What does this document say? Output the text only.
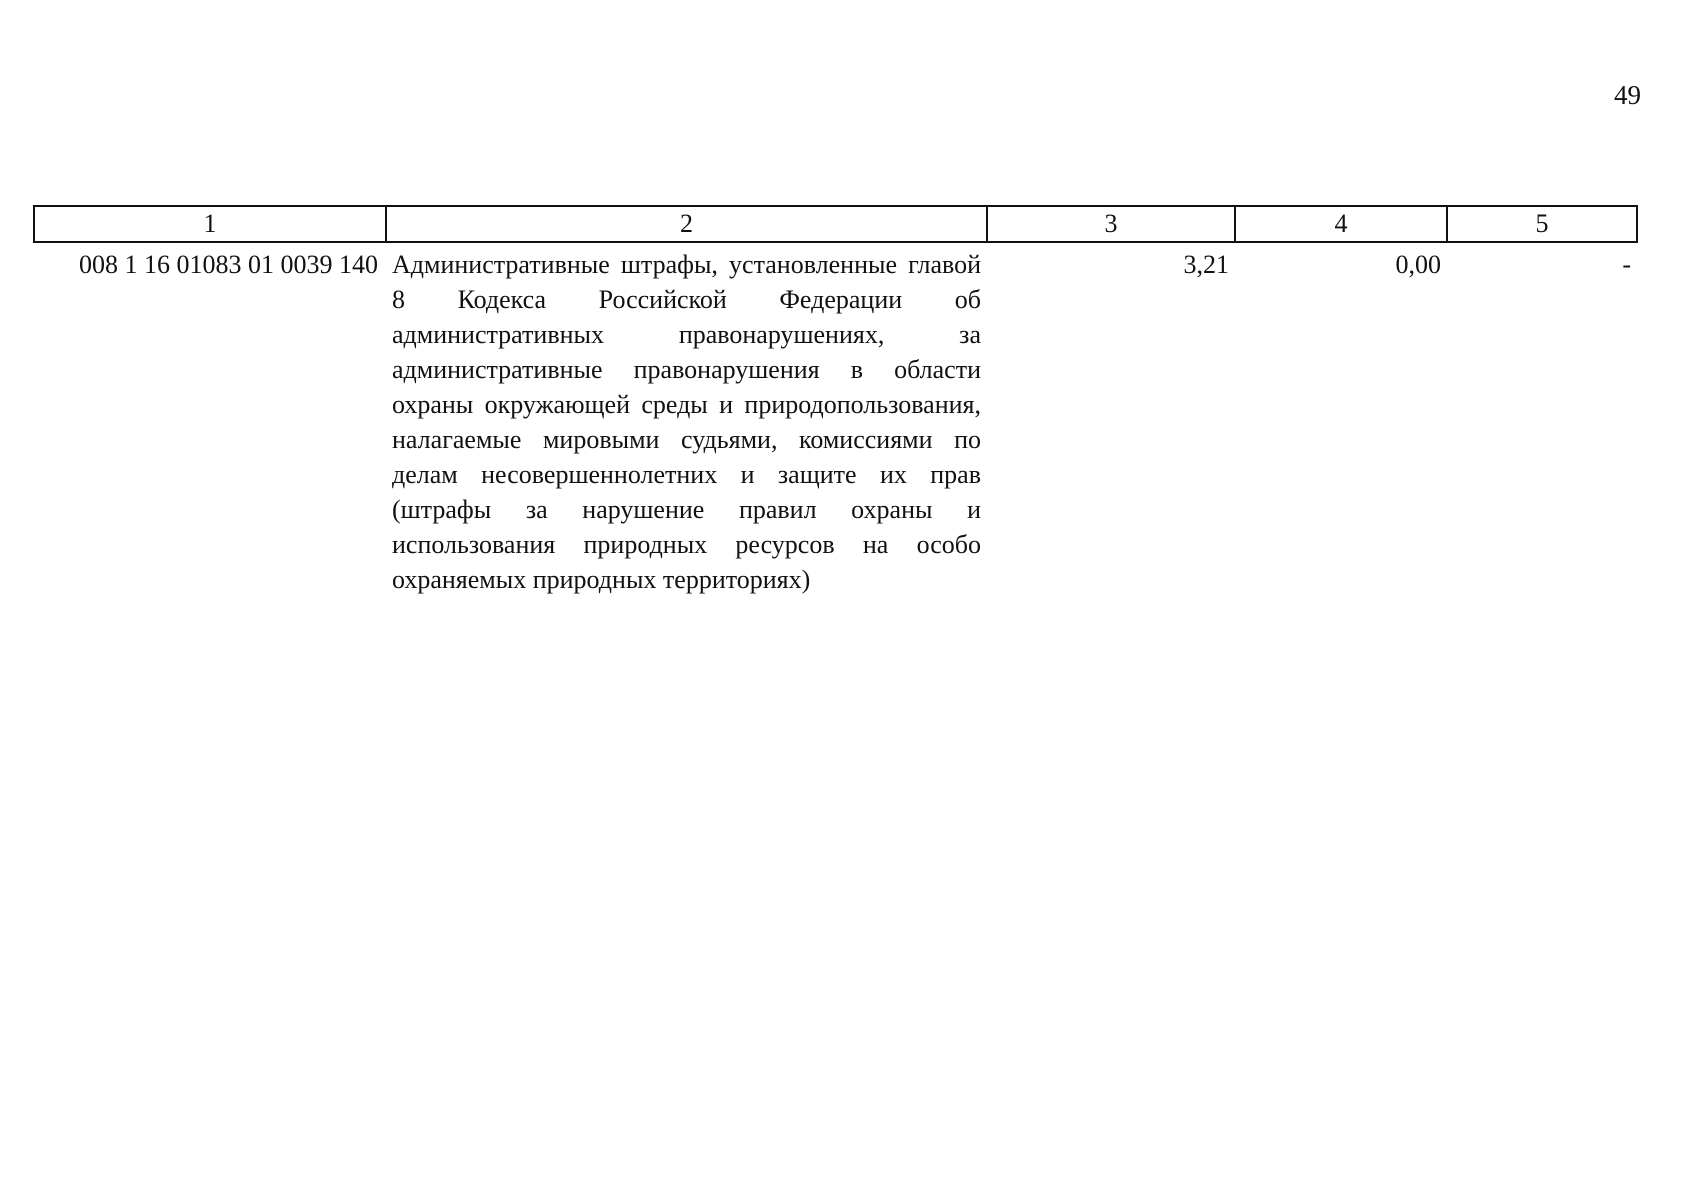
49
1	2	3	4	5
008 1 16 01083 01 0039 140	Административные штрафы, установленные главой 8 Кодекса Российской Федерации об административных правонарушениях, за административные правонарушения в области охраны окружающей среды и природопользования, налагаемые мировыми судьями, комиссиями по делам несовершеннолетних и защите их прав (штрафы за нарушение правил охраны и использования природных ресурсов на особо охраняемых природных территориях)	3,21	0,00	-
